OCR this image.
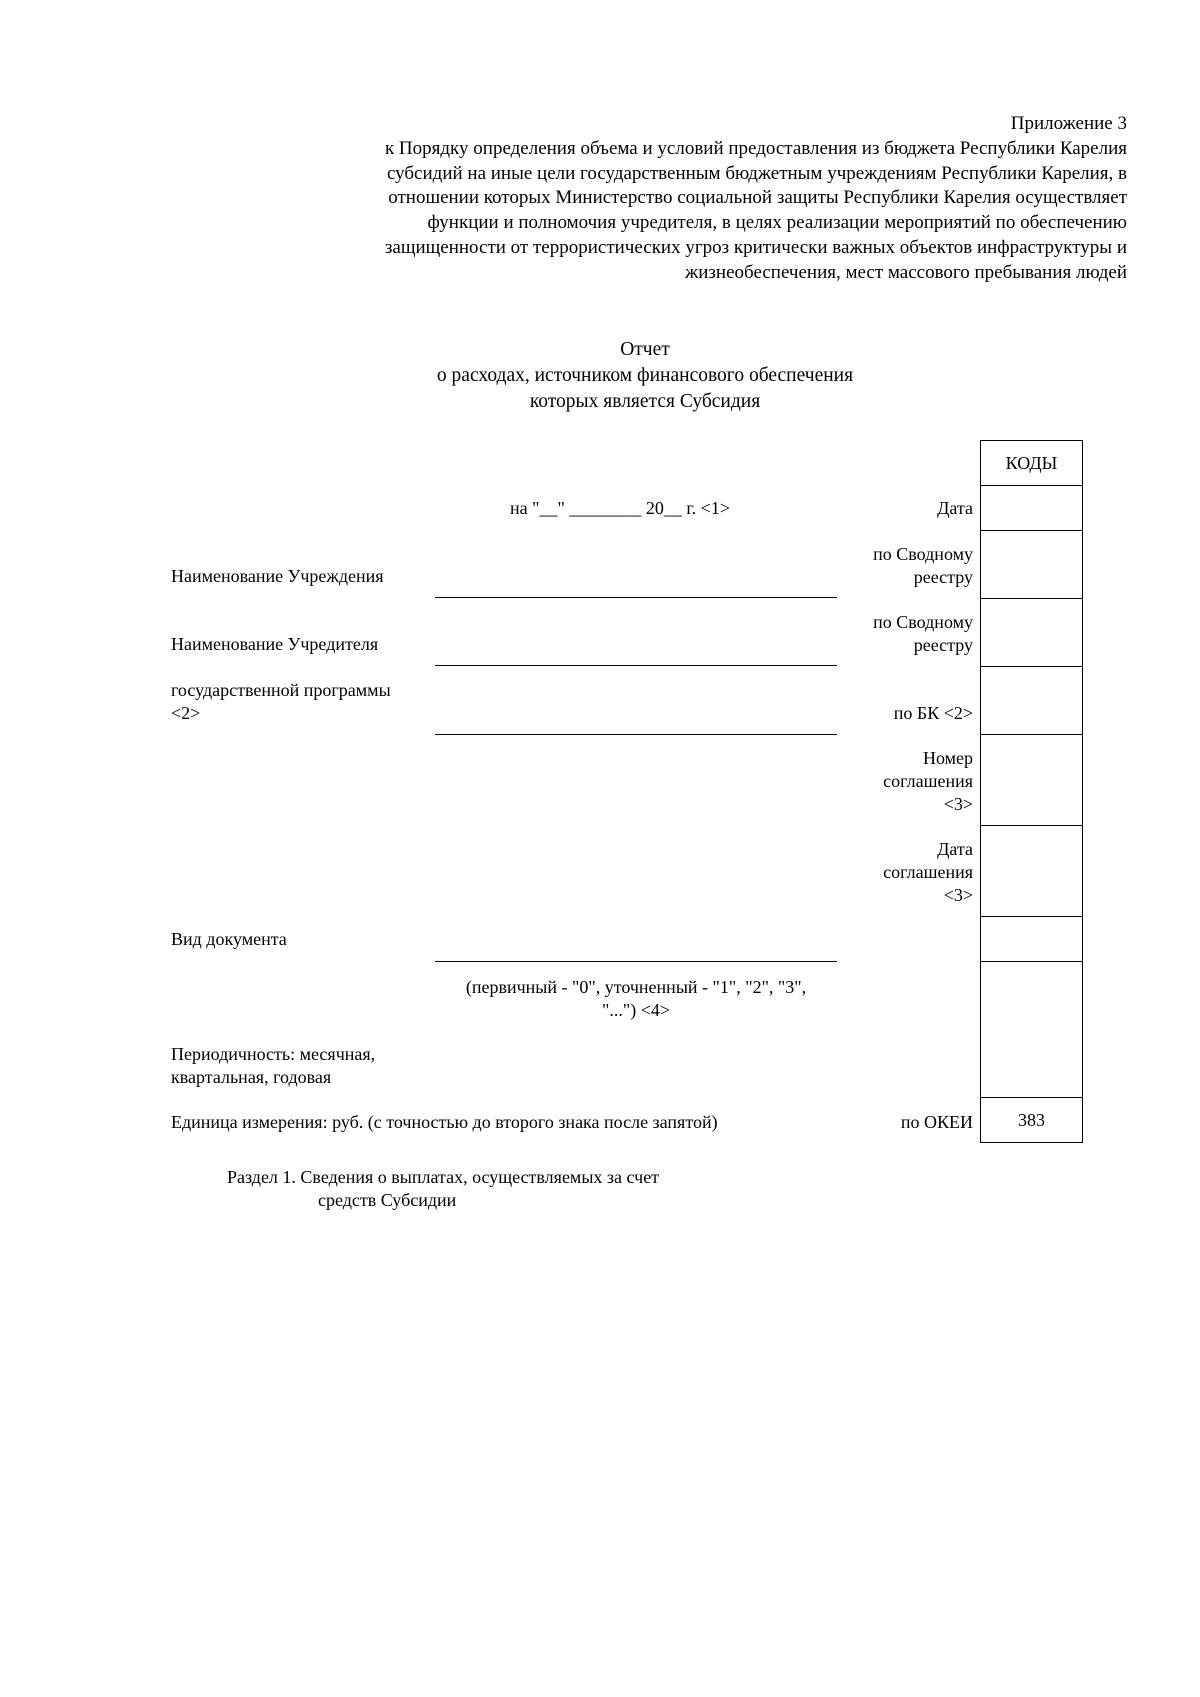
Приложение 3
к Порядку определения объема и условий предоставления из бюджета Республики Карелия
субсидий на иные цели государственным бюджетным учреждениям Республики Карелия, в
отношении которых Министерство социальной защиты Республики Карелия осуществляет
функции и полномочия учредителя, в целях реализации мероприятий по обеспечению
защищенности от террористических угроз критически важных объектов инфраструктуры и
жизнеобеспечения, мест массового пребывания людей
Отчет
о расходах, источником финансового обеспечения
которых является Субсидия
на "__" ________ 20__ г. <1>
Наименование Учреждения
Наименование Учредителя
государственной программы
<2>
Вид документа
(первичный - "0", уточненный - "1", "2", "3",
"...") <4>
Периодичность: месячная,
квартальная, годовая
Единица измерения: руб. (с точностью до второго знака после запятой)
Дата
по Сводному
реестру
по Сводному
реестру
по БК <2>
Номер
соглашения
<3>
Дата
соглашения
<3>
по ОКЕИ
КОДЫ
383
Раздел 1. Сведения о выплатах, осуществляемых за счет
средств Субсидии
